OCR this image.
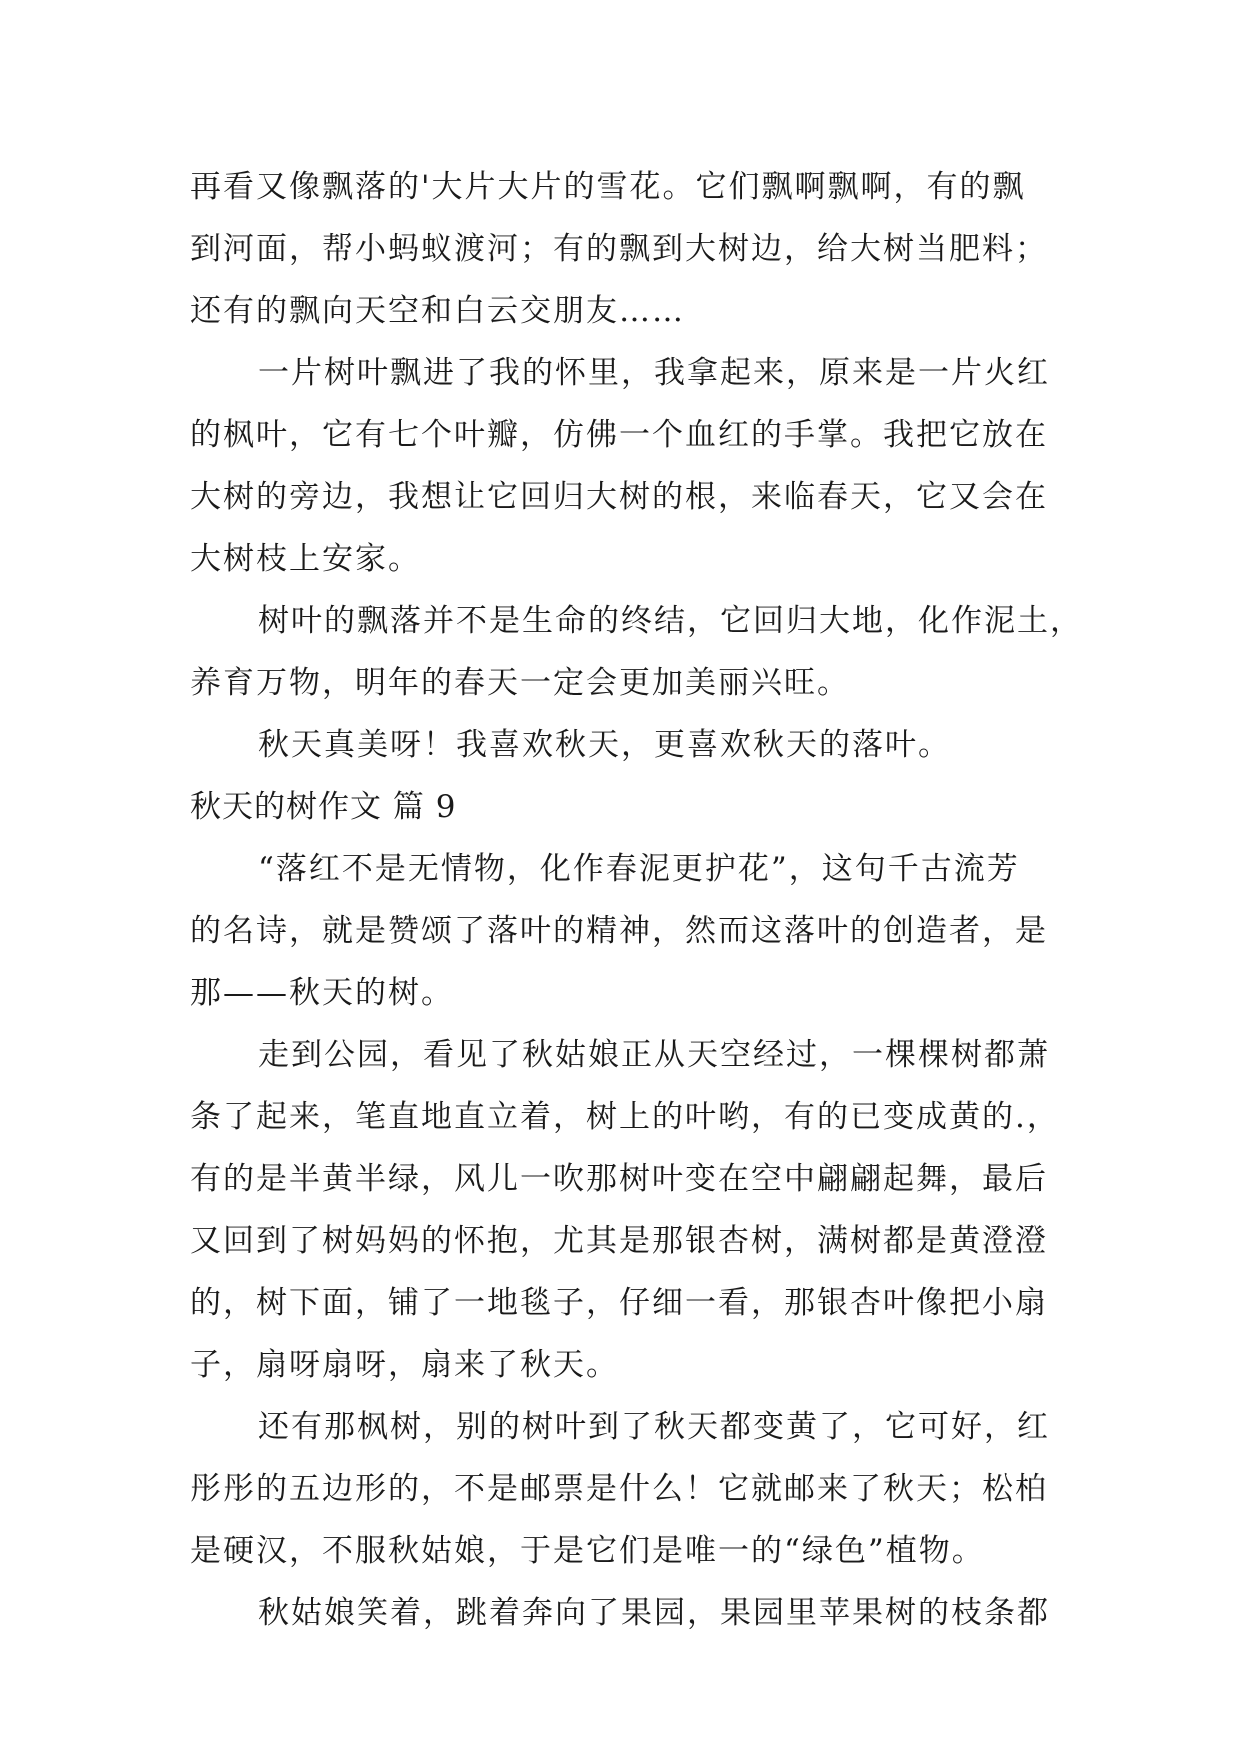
再看又像飘落的'大片大片的雪花。它们飘啊飘啊，有的飘
到河面，帮小蚂蚁渡河；有的飘到大树边，给大树当肥料；
还有的飘向天空和白云交朋友……
一片树叶飘进了我的怀里，我拿起来，原来是一片火红
的枫叶，它有七个叶瓣，仿佛一个血红的手掌。我把它放在
大树的旁边，我想让它回归大树的根，来临春天，它又会在
大树枝上安家。
树叶的飘落并不是生命的终结，它回归大地，化作泥土，
养育万物，明年的春天一定会更加美丽兴旺。
秋天真美呀！我喜欢秋天，更喜欢秋天的落叶。
秋天的树作文 篇 9
“落红不是无情物，化作春泥更护花”，这句千古流芳
的名诗，就是赞颂了落叶的精神，然而这落叶的创造者，是
那——秋天的树。
走到公园，看见了秋姑娘正从天空经过，一棵棵树都萧
条了起来，笔直地直立着，树上的叶哟，有的已变成黄的.，
有的是半黄半绿，风儿一吹那树叶变在空中翩翩起舞，最后
又回到了树妈妈的怀抱，尤其是那银杏树，满树都是黄澄澄
的，树下面，铺了一地毯子，仔细一看，那银杏叶像把小扇
子，扇呀扇呀，扇来了秋天。
还有那枫树，别的树叶到了秋天都变黄了，它可好，红
彤彤的五边形的，不是邮票是什么！它就邮来了秋天；松柏
是硬汉，不服秋姑娘，于是它们是唯一的“绿色”植物。
秋姑娘笑着，跳着奔向了果园，果园里苹果树的枝条都
